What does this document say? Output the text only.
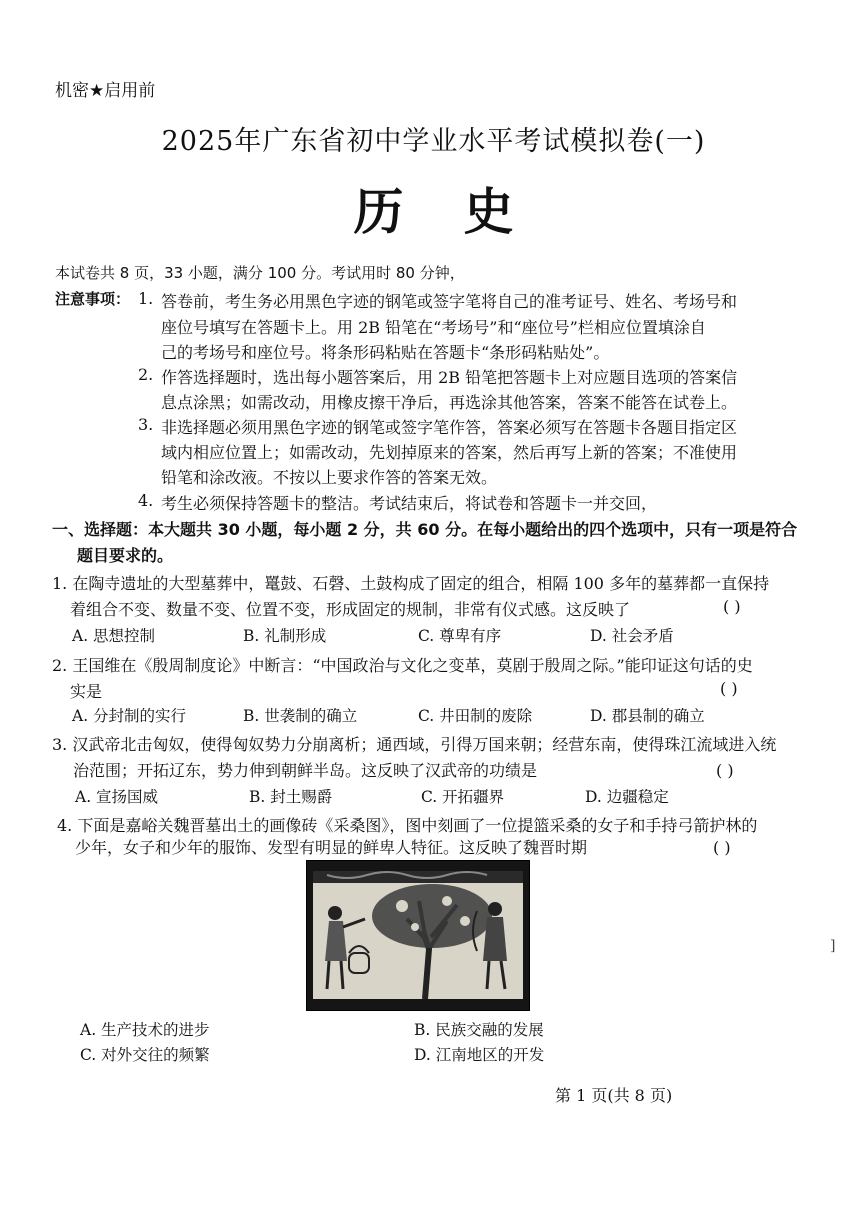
机密★启用前
2025年广东省初中学业水平考试模拟卷(一)
历史
本试卷共 8 页，33 小题，满分 100 分。考试用时 80 分钟，
注意事项： 1. 答卷前，考生务必用黑色字迹的钢笔或签字笔将自己的准考证号、姓名、考场号和
座位号填写在答题卡上。用 2B 铅笔在“考场号”和“座位号”栏相应位置填涂自
己的考场号和座位号。将条形码粘贴在答题卡“条形码粘贴处”。
2. 作答选择题时，选出每小题答案后，用 2B 铅笔把答题卡上对应题目选项的答案信
息点涂黑；如需改动，用橡皮擦干净后，再选涂其他答案，答案不能答在试卷上。
3. 非选择题必须用黑色字迹的钢笔或签字笔作答，答案必须写在答题卡各题目指定区
域内相应位置上；如需改动，先划掉原来的答案，然后再写上新的答案；不准使用
铅笔和涂改液。不按以上要求作答的答案无效。
4. 考生必须保持答题卡的整洁。考试结束后，将试卷和答题卡一并交回，
一、选择题：本大题共 30 小题，每小题 2 分，共 60 分。在每小题给出的四个选项中，只有一项是符合
题目要求的。
1. 在陶寺遗址的大型墓葬中，鼍鼓、石磬、土鼓构成了固定的组合，相隔 100 多年的墓葬都一直保持
着组合不变、数量不变、位置不变，形成固定的规制，非常有仪式感。这反映了	( )
A. 思想控制	B. 礼制形成	C. 尊卑有序	D. 社会矛盾
2. 王国维在《殷周制度论》中断言：“中国政治与文化之变革，莫剧于殷周之际。”能印证这句话的史
实是	( )
A. 分封制的实行	B. 世袭制的确立	C. 井田制的废除	D. 郡县制的确立
3. 汉武帝北击匈奴，使得匈奴势力分崩离析；通西域，引得万国来朝；经营东南，使得珠江流域进入统
治范围；开拓辽东，势力伸到朝鲜半岛。这反映了汉武帝的功绩是	( )
A. 宣扬国威	B. 封土赐爵	C. 开拓疆界	D. 边疆稳定
4. 下面是嘉峪关魏晋墓出土的画像砖《采桑图》，图中刻画了一位提篮采桑的女子和手持弓箭护林的
少年，女子和少年的服饰、发型有明显的鲜卑人特征。这反映了魏晋时期	( )
A. 生产技术的进步	B. 民族交融的发展
C. 对外交往的频繁	D. 江南地区的开发
第 1 页(共 8 页)
]
